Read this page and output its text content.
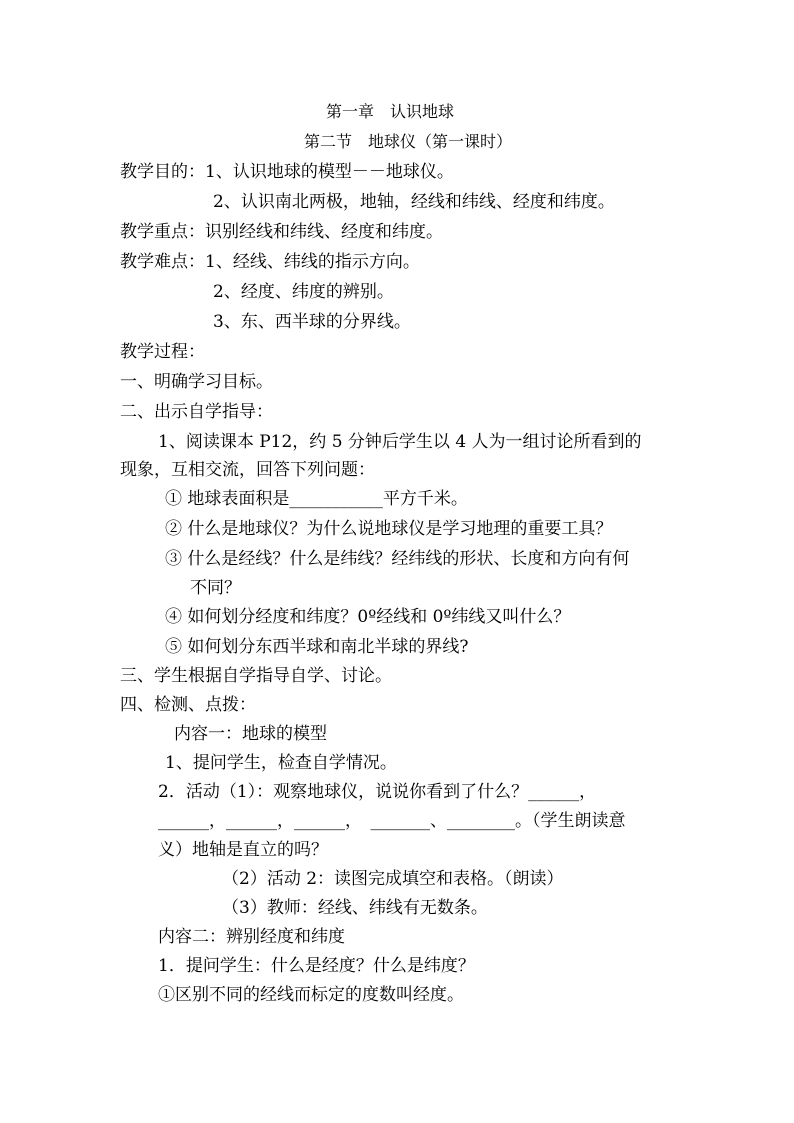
第一章　认识地球
第二节　地球仪（第一课时）
教学目的：1、认识地球的模型－－地球仪。
2、认识南北两极，地轴，经线和纬线、经度和纬度。
教学重点：识别经线和纬线、经度和纬度。
教学难点：1、经线、纬线的指示方向。
2、经度、纬度的辨别。
3、东、西半球的分界线。
教学过程：
一、明确学习目标。
二、出示自学指导：
1、阅读课本 P12，约 5 分钟后学生以 4 人为一组讨论所看到的
现象，互相交流，回答下列问题：
① 地球表面积是___________平方千米。
② 什么是地球仪？为什么说地球仪是学习地理的重要工具？
③ 什么是经线？什么是纬线？经纬线的形状、长度和方向有何
不同？
④ 如何划分经度和纬度？0º经线和 0º纬线又叫什么？
⑤ 如何划分东西半球和南北半球的界线?
三、学生根据自学指导自学、讨论。
四、检测、点拨：
内容一：地球的模型
1、提问学生，检查自学情况。
2．活动（1）：观察地球仪，说说你看到了什么？______，
______，______，______，　_______、________。（学生朗读意
义）地轴是直立的吗？
（2）活动 2：读图完成填空和表格。（朗读）
（3）教师：经线、纬线有无数条。
内容二：辨别经度和纬度
1．提问学生：什么是经度？什么是纬度？
①区别不同的经线而标定的度数叫经度。
